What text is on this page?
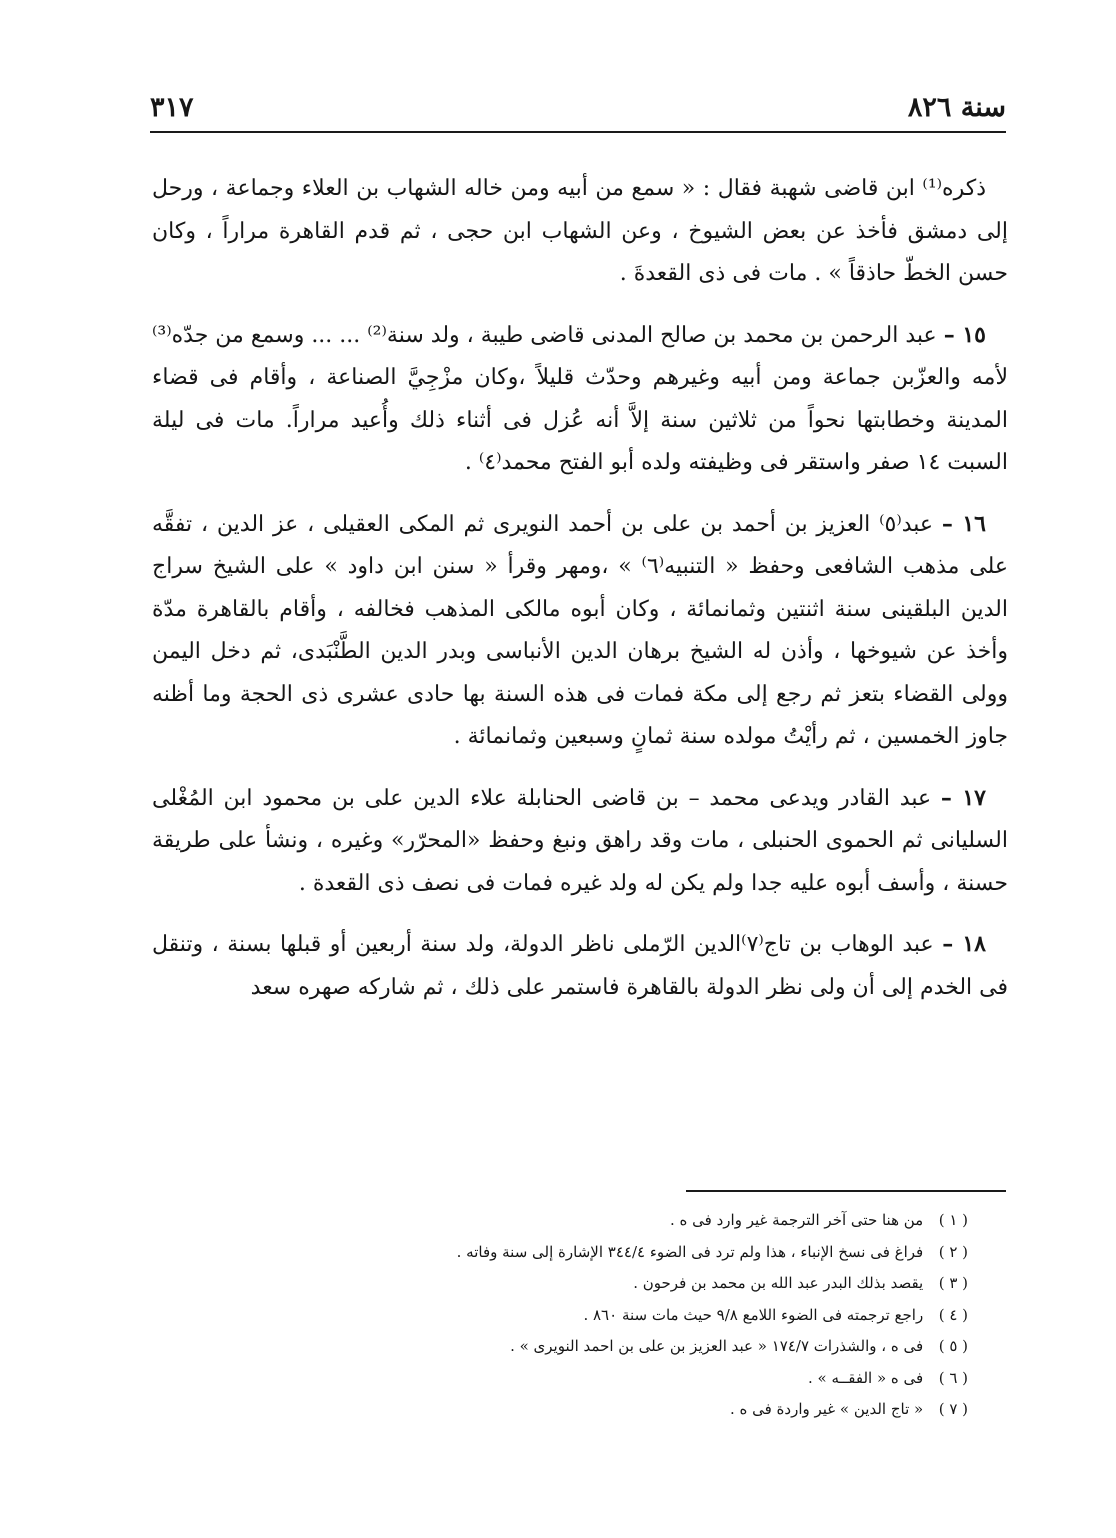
سنة ٨٢٦
٣١٧

ذكره⁽¹⁾ ابن قاضى شهبة فقال : « سمع من أبيه ومن خاله الشهاب بن العلاء وجماعة ، ورحل إلى دمشق فأخذ عن بعض الشيوخ ، وعن الشهاب ابن حجى ، ثم قدم القاهرة مراراً ، وكان حسن الخطّ حاذقاً » . مات فى ذى القعدةَ .

١٥ – عبد الرحمن بن محمد بن صالح المدنى قاضى طيبة ، ولد سنة⁽²⁾ ... ... وسمع من جدّه⁽³⁾ لأمه والعزّبن جماعة ومن أبيه وغيرهم وحدّث قليلاً ،وكان مزْجِيَّ الصناعة ، وأقام فى قضاء المدينة وخطابتها نحواً من ثلاثين سنة إلاَّ أنه عُزل فى أثناء ذلك وأُعيد مراراً. مات فى ليلة السبت ١٤ صفر واستقر فى وظيفته ولده أبو الفتح محمد⁽٤⁾ .

١٦ – عبد⁽٥⁾ العزيز بن أحمد بن على بن أحمد النويرى ثم المكى العقيلى ، عز الدين ، تفقَّه على مذهب الشافعى وحفظ « التنبيه⁽٦⁾ » ،ومهر وقرأ « سنن ابن داود » على الشيخ سراج الدين البلقينى سنة اثنتين وثمانمائة ، وكان أبوه مالكى المذهب فخالفه ، وأقام بالقاهرة مدّة وأخذ عن شيوخها ، وأذن له الشيخ برهان الدين الأنباسى وبدر الدين الطَّنْبَدى، ثم دخل اليمن وولى القضاء بتعز ثم رجع إلى مكة فمات فى هذه السنة بها حادى عشرى ذى الحجة وما أظنه جاوز الخمسين ، ثم رأيْتُ مولده سنة ثمانٍ وسبعين وثمانمائة .

١٧ – عبد القادر ويدعى محمد – بن قاضى الحنابلة علاء الدين على بن محمود ابن المُغْلى السليانى ثم الحموى الحنبلى ، مات وقد راهق ونبغ وحفظ «المحرّر» وغيره ، ونشأ على طريقة حسنة ، وأسف أبوه عليه جدا ولم يكن له ولد غيره فمات فى نصف ذى القعدة .

١٨ – عبد الوهاب بن تاج⁽٧⁾الدين الرّملى ناظر الدولة، ولد سنة أربعين أو قبلها بسنة ، وتنقل فى الخدم إلى أن ولى نظر الدولة بالقاهرة فاستمر على ذلك ، ثم شاركه صهره سعد

( ١ ) من هنا حتى آخر الترجمة غير وارد فى ه .
( ٢ ) فراغ فى نسخ الإنباء ، هذا ولم ترد فى الضوء ٣٤٤/٤ الإشارة إلى سنة وفاته .
( ٣ ) يقصد بذلك البدر عبد الله بن محمد بن فرحون .
( ٤ ) راجع ترجمته فى الضوء اللامع ٩/٨ حيث مات سنة ٨٦٠ .
( ٥ ) فى ه ، والشذرات ١٧٤/٧ « عبد العزيز بن على بن احمد النويرى » .
( ٦ ) فى ه « الفقــه » .
( ٧ ) « تاج الدين » غير واردة فى ه .
